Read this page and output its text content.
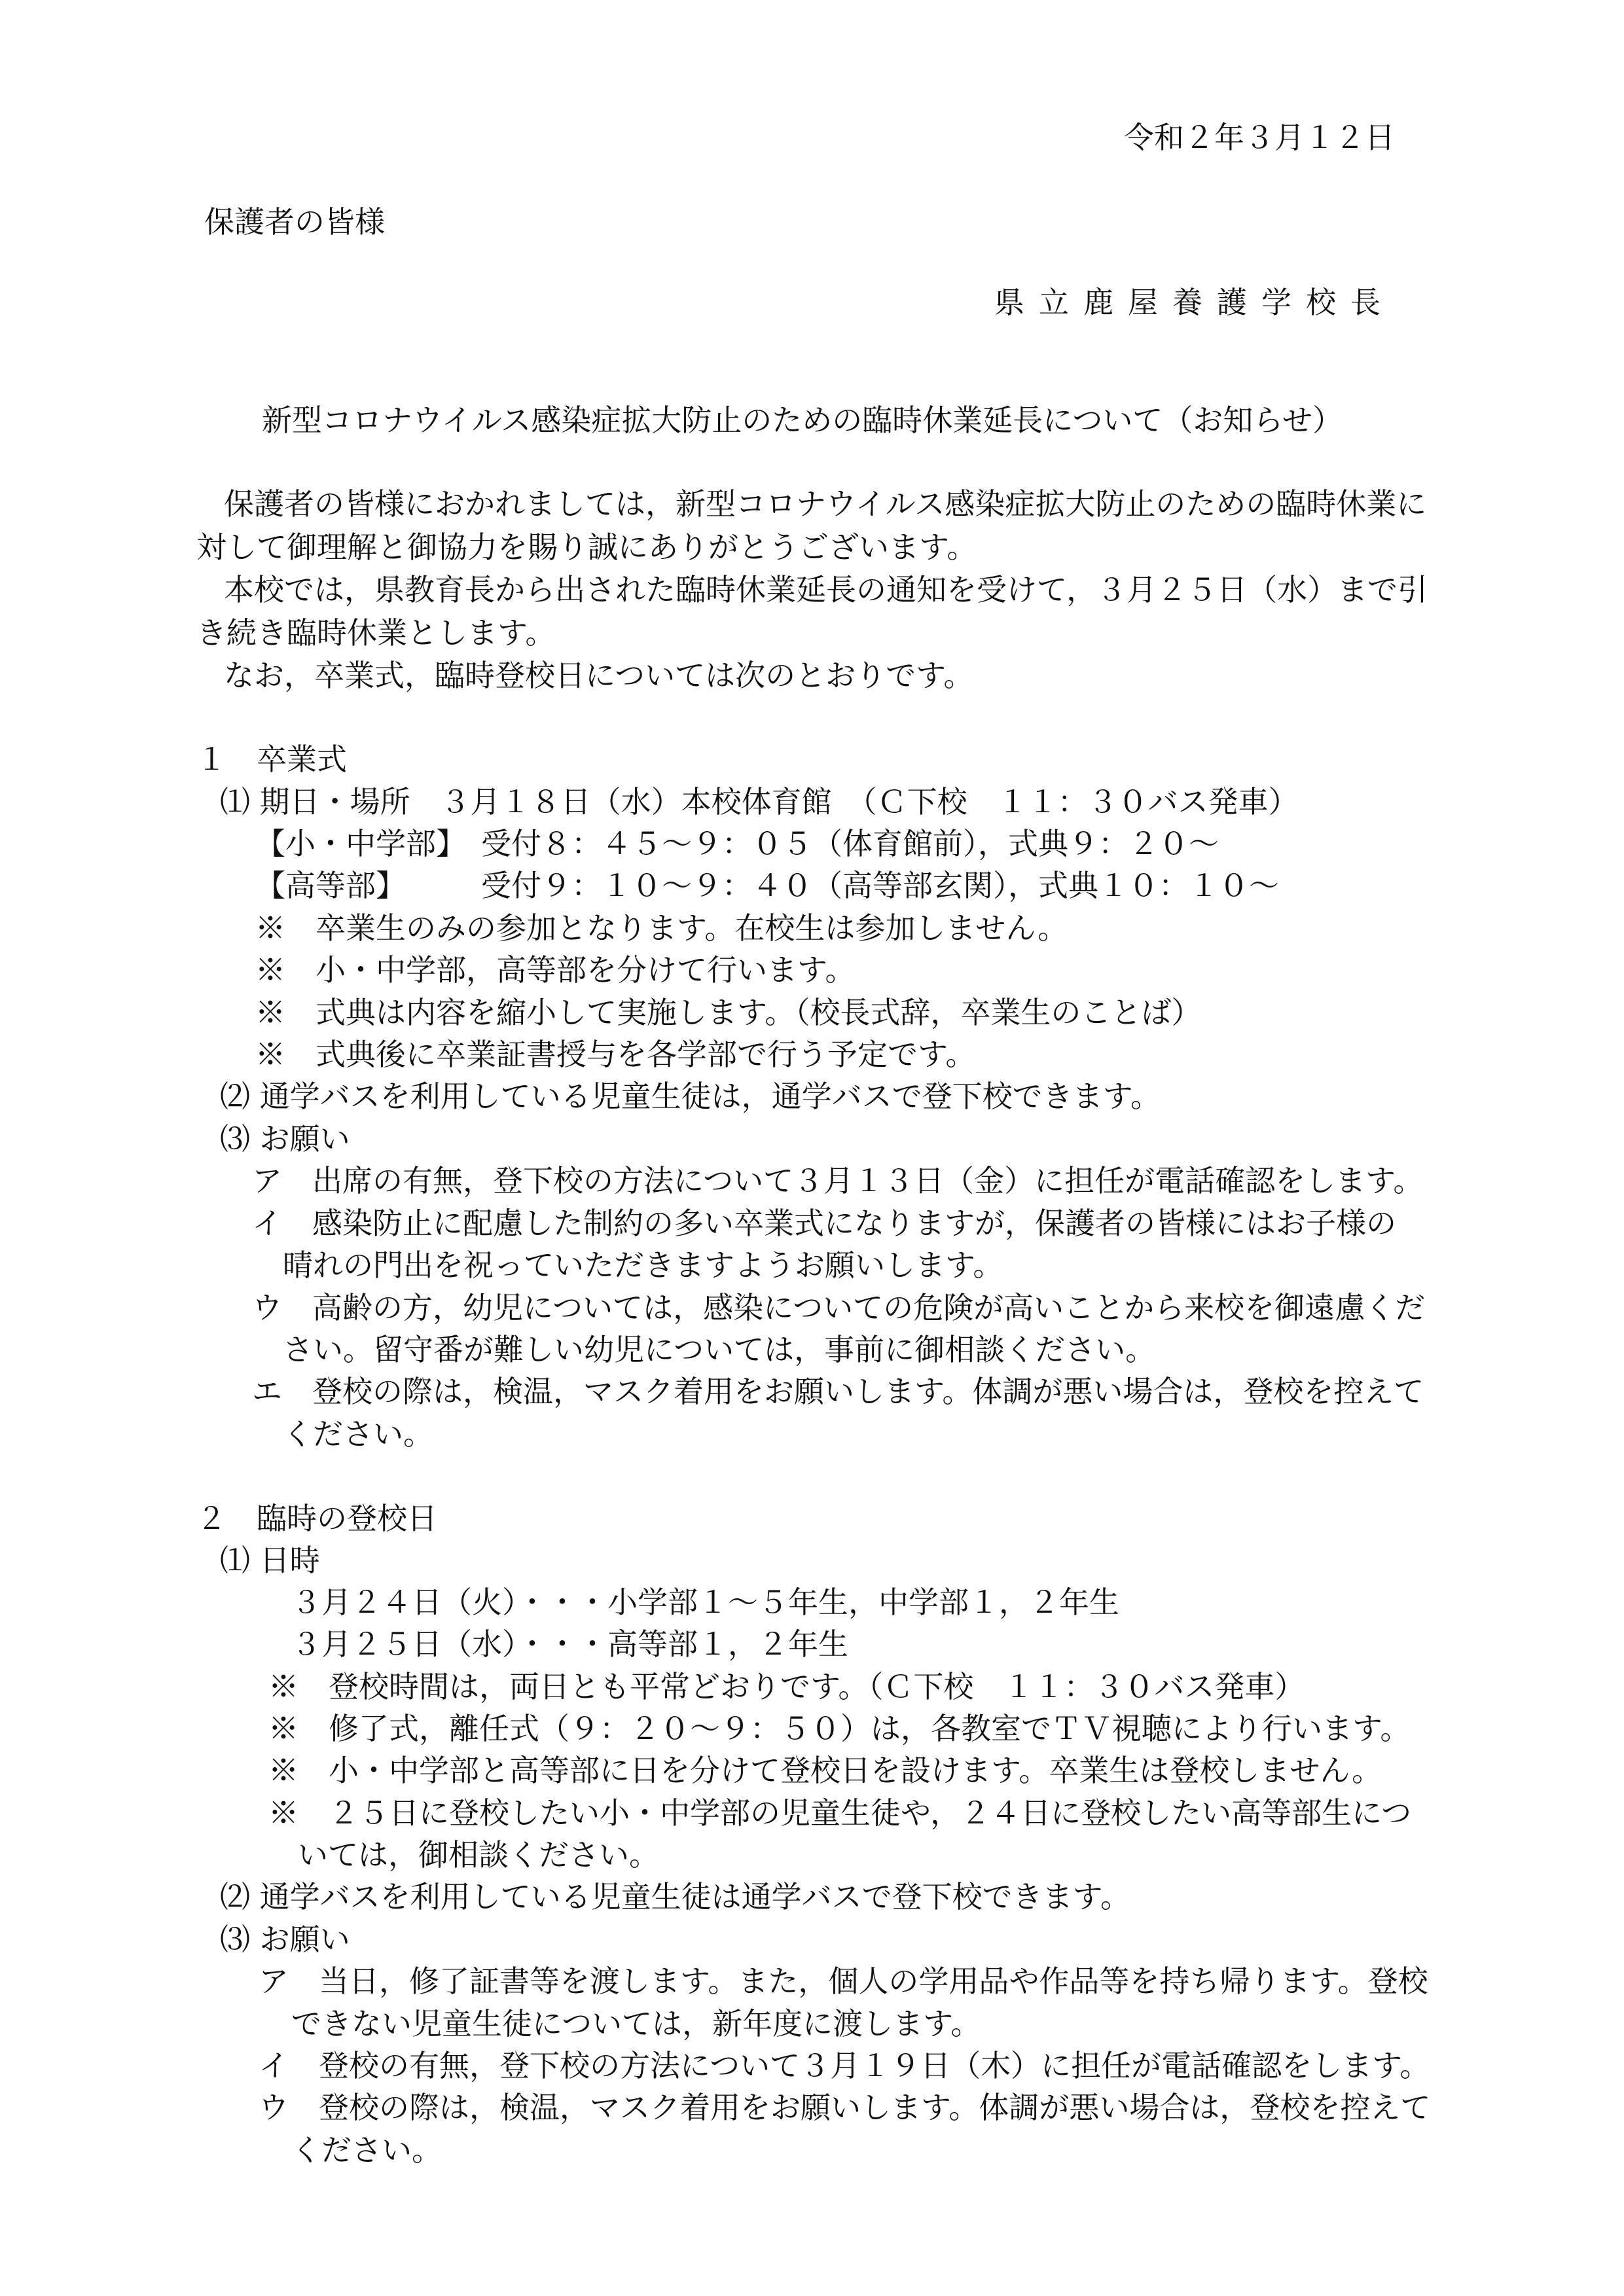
令和２年３月１２日
保護者の皆様
県立鹿屋養護学校長
新型コロナウイルス感染症拡大防止のための臨時休業延長について（お知らせ）
保護者の皆様におかれましては，新型コロナウイルス感染症拡大防止のための臨時休業に
対して御理解と御協力を賜り誠にありがとうございます。
本校では，県教育長から出された臨時休業延長の通知を受けて，３月２５日（水）まで引
き続き臨時休業とします。
なお，卒業式，臨時登校日については次のとおりです。
１　卒業式
⑴ 期日・場所　３月１８日（水）本校体育館　（Ｃ下校　１１：３０バス発車）
【小・中学部】　受付８：４５～９：０５（体育館前），式典９：２０～
【高等部】　　　受付９：１０～９：４０（高等部玄関），式典１０：１０～
※　卒業生のみの参加となります。在校生は参加しません。
※　小・中学部，高等部を分けて行います。
※　式典は内容を縮小して実施します。（校長式辞，卒業生のことば）
※　式典後に卒業証書授与を各学部で行う予定です。
⑵ 通学バスを利用している児童生徒は，通学バスで登下校できます。
⑶ お願い
ア　出席の有無，登下校の方法について３月１３日（金）に担任が電話確認をします。
イ　感染防止に配慮した制約の多い卒業式になりますが，保護者の皆様にはお子様の
晴れの門出を祝っていただきますようお願いします。
ウ　高齢の方，幼児については，感染についての危険が高いことから来校を御遠慮くだ
さい。留守番が難しい幼児については，事前に御相談ください。
エ　登校の際は，検温，マスク着用をお願いします。体調が悪い場合は，登校を控えて
ください。
２　臨時の登校日
⑴ 日時
３月２４日（火）・・・小学部１～５年生，中学部１，２年生
３月２５日（水）・・・高等部１，２年生
※　登校時間は，両日とも平常どおりです。（Ｃ下校　１１：３０バス発車）
※　修了式，離任式（９：２０～９：５０）は，各教室でＴＶ視聴により行います。
※　小・中学部と高等部に日を分けて登校日を設けます。卒業生は登校しません。
※　２５日に登校したい小・中学部の児童生徒や，２４日に登校したい高等部生につ
いては，御相談ください。
⑵ 通学バスを利用している児童生徒は通学バスで登下校できます。
⑶ お願い
ア　当日，修了証書等を渡します。また，個人の学用品や作品等を持ち帰ります。登校
できない児童生徒については，新年度に渡します。
イ　登校の有無，登下校の方法について３月１９日（木）に担任が電話確認をします。
ウ　登校の際は，検温，マスク着用をお願いします。体調が悪い場合は，登校を控えて
ください。
